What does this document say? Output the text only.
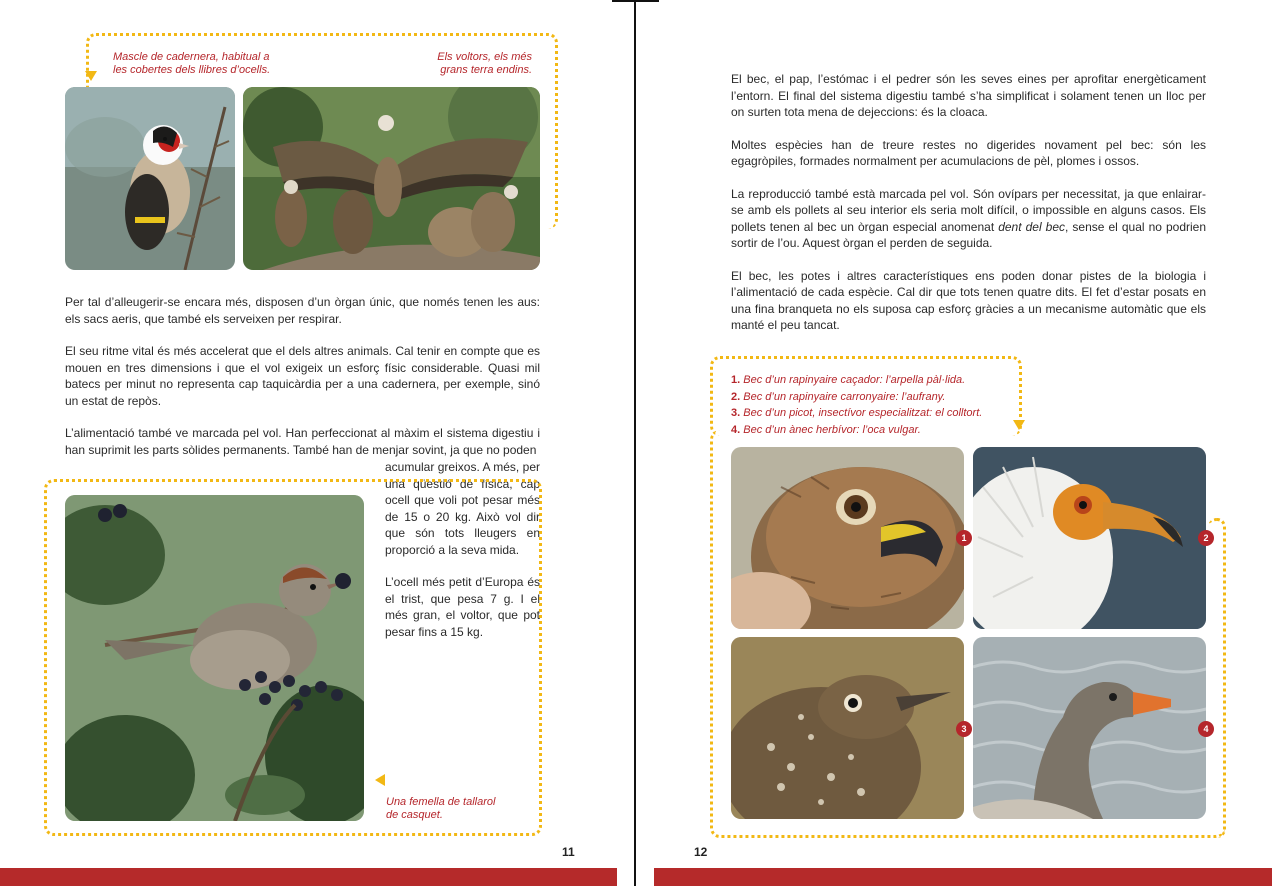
Mascle de cadernera, habitual a
les cobertes dels llibres d’ocells.
Els voltors, els més
grans terra endins.

Per tal d’alleugerir-se encara més, disposen d’un òrgan únic, que només tenen les aus: els sacs aeris, que també els serveixen per respirar.

El seu ritme vital és més accelerat que el dels altres animals. Cal tenir en compte que es mouen en tres dimensions i que el vol exigeix un esforç físic considerable. Quasi mil batecs per minut no representa cap taquicàrdia per a una cadernera, per exemple, sinó un estat de repòs.

L’alimentació també ve marcada pel vol. Han perfeccionat al màxim el sistema digestiu i han suprimit les parts sòlides permanents. També han de menjar sovint, ja que no poden

acumular greixos. A més, per una qüestió de física, cap ocell que voli pot pesar més de 15 o 20 kg. Això vol dir que són tots lleugers en proporció a la seva mida.

L’ocell més petit d’Europa és el trist, que pesa 7 g. I el més gran, el voltor, que pot pesar fins a 15 kg.

Una femella de tallarol
de casquet.
11

El bec, el pap, l’estómac i el pedrer són les seves eines per aprofitar energèticament l’entorn. El final del sistema digestiu també s’ha simplificat i solament tenen un lloc per on surten tota mena de dejeccions: és la cloaca.

Moltes espècies han de treure restes no digerides novament pel bec: són les egagròpiles, formades normalment per acumulacions de pèl, plomes i ossos.

La reproducció també està marcada pel vol. Són ovípars per necessitat, ja que enlairar-se amb els pollets al seu interior els seria molt difícil, o impossible en alguns casos. Els pollets tenen al bec un òrgan especial anomenat dent del bec, sense el qual no podrien sortir de l’ou. Aquest òrgan el perden de seguida.

El bec, les potes i altres característiques ens poden donar pistes de la biologia i l’alimentació de cada espècie. Cal dir que tots tenen quatre dits. El fet d’estar posats en una fina branqueta no els suposa cap esforç gràcies a un mecanisme automàtic que els manté el peu tancat.

1. Bec d’un rapinyaire caçador: l’arpella pàl·lida.
2. Bec d’un rapinyaire carronyaire: l’aufrany.
3. Bec d’un picot, insectívor especialitzat: el colltort.
4. Bec d’un ànec herbívor: l’oca vulgar.
1	2
3	4
12
